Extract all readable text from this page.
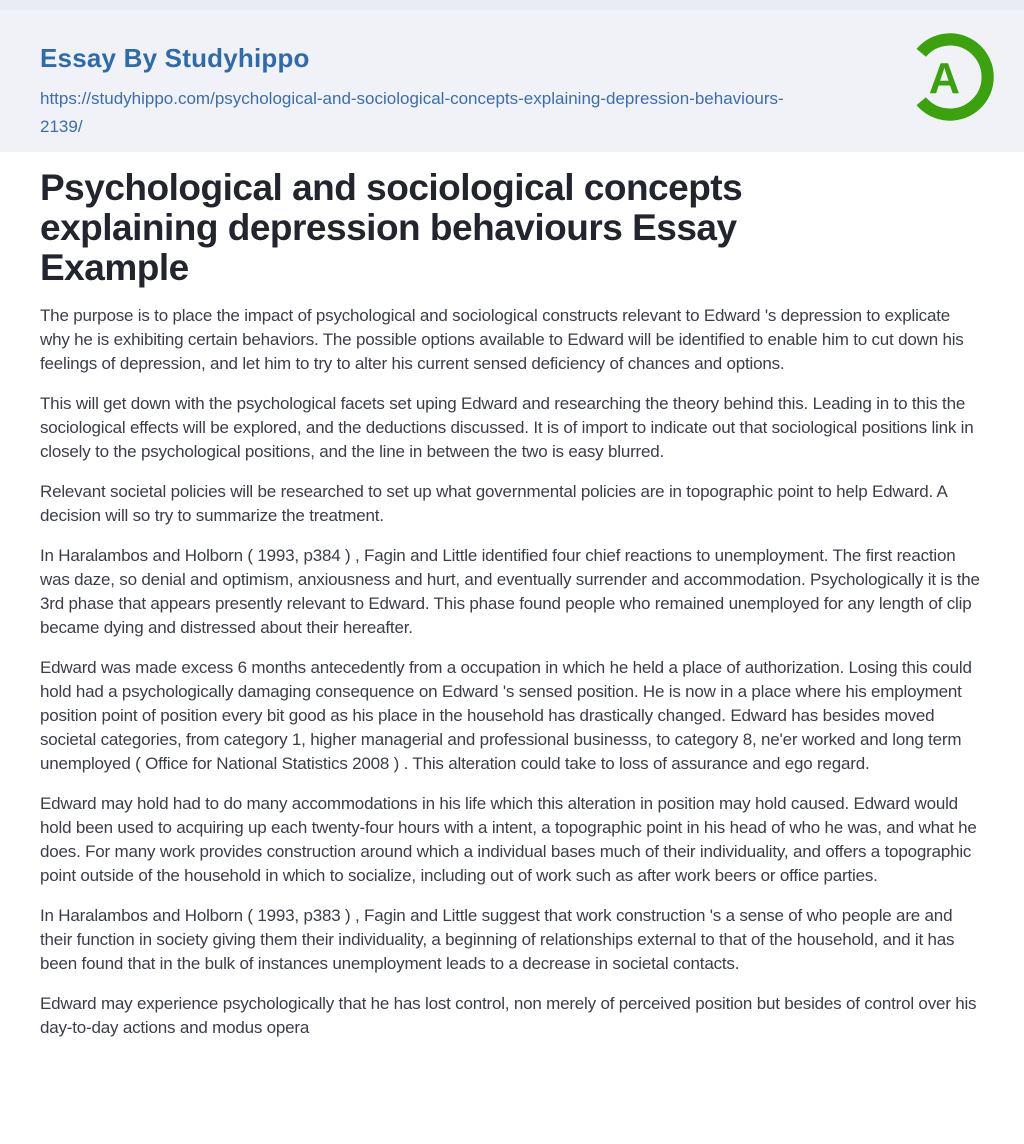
Essay By Studyhippo
https://studyhippo.com/psychological-and-sociological-concepts-explaining-depression-behaviours-2139/
A
Psychological and sociological concepts explaining depression behaviours Essay Example

The purpose is to place the impact of psychological and sociological constructs relevant to Edward 's depression to explicate why he is exhibiting certain behaviors. The possible options available to Edward will be identified to enable him to cut down his feelings of depression, and let him to try to alter his current sensed deficiency of chances and options.

This will get down with the psychological facets set uping Edward and researching the theory behind this. Leading in to this the sociological effects will be explored, and the deductions discussed. It is of import to indicate out that sociological positions link in closely to the psychological positions, and the line in between the two is easy blurred.

Relevant societal policies will be researched to set up what governmental policies are in topographic point to help Edward. A decision will so try to summarize the treatment.

In Haralambos and Holborn ( 1993, p384 ) , Fagin and Little identified four chief reactions to unemployment. The first reaction was daze, so denial and optimism, anxiousness and hurt, and eventually surrender and accommodation. Psychologically it is the 3rd phase that appears presently relevant to Edward. This phase found people who remained unemployed for any length of clip became dying and distressed about their hereafter.

Edward was made excess 6 months antecedently from a occupation in which he held a place of authorization. Losing this could hold had a psychologically damaging consequence on Edward 's sensed position. He is now in a place where his employment position point of position every bit good as his place in the household has drastically changed. Edward has besides moved societal categories, from category 1, higher managerial and professional businesss, to category 8, ne'er worked and long term unemployed ( Office for National Statistics 2008 ) . This alteration could take to loss of assurance and ego regard.

Edward may hold had to do many accommodations in his life which this alteration in position may hold caused. Edward would hold been used to acquiring up each twenty-four hours with a intent, a topographic point in his head of who he was, and what he does. For many work provides construction around which a individual bases much of their individuality, and offers a topographic point outside of the household in which to socialize, including out of work such as after work beers or office parties.

In Haralambos and Holborn ( 1993, p383 ) , Fagin and Little suggest that work construction 's a sense of who people are and their function in society giving them their individuality, a beginning of relationships external to that of the household, and it has been found that in the bulk of instances unemployment leads to a decrease in societal contacts.

Edward may experience psychologically that he has lost control, non merely of perceived position but besides of control over his day-to-day actions and modus opera
